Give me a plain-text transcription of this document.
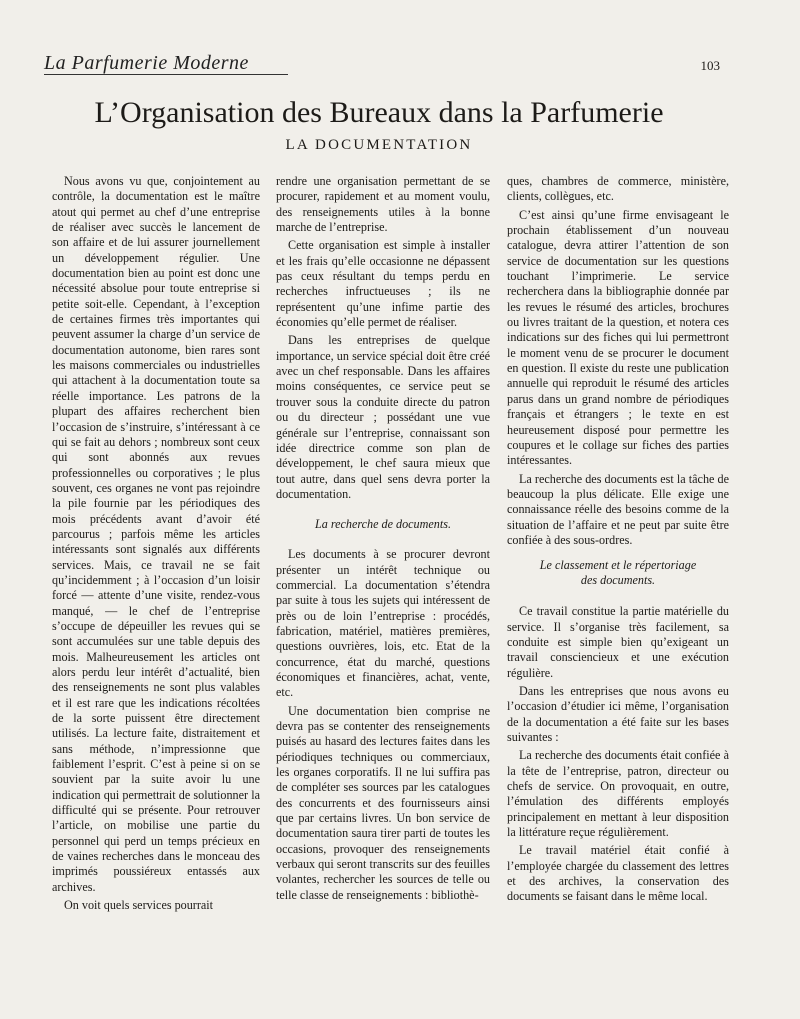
La Parfumerie Moderne	103
L’Organisation des Bureaux dans la Parfumerie
LA DOCUMENTATION

Nous avons vu que, conjointement au contrôle, la documentation est le maître atout qui permet au chef d’une entreprise de réaliser avec succès le lancement de son affaire et de lui assurer journellement un développement régulier. Une documentation bien au point est donc une nécessité absolue pour toute entreprise si petite soit-elle. Cependant, à l’exception de certaines firmes très importantes qui peuvent assumer la charge d’un service de documentation autonome, bien rares sont les maisons commerciales ou industrielles qui attachent à la documentation toute sa réelle importance. Les patrons de la plupart des affaires recherchent bien l’occasion de s’instruire, s’intéressant à ce qui se fait au dehors ; nombreux sont ceux qui sont abonnés aux revues professionnelles ou corporatives ; le plus souvent, ces organes ne vont pas rejoindre la pile fournie par les périodiques des mois précédents avant d’avoir été parcourus ; parfois même les articles intéressants sont signalés aux différents services. Mais, ce travail ne se fait qu’incidemment ; à l’occasion d’un loisir forcé — attente d’une visite, rendez-vous manqué, — le chef de l’entreprise s’occupe de dépeuiller les revues qui se sont accumulées sur une table depuis des mois. Malheureusement les articles ont alors perdu leur intérêt d’actualité, bien des renseignements ne sont plus valables et il est rare que les indications récoltées de la sorte puissent être directement utilisés. La lecture faite, distraitement et sans méthode, n’impressionne que faiblement l’esprit. C’est à peine si on se souvient par la suite avoir lu une indication qui permettrait de solutionner la difficulté qui se présente. Pour retrouver l’article, on mobilise une partie du personnel qui perd un temps précieux en de vaines recherches dans le monceau des imprimés poussiéreux entassés aux archives.

On voit quels services pourrait

rendre une organisation permettant de se procurer, rapidement et au moment voulu, des renseignements utiles à la bonne marche de l’entreprise.

Cette organisation est simple à installer et les frais qu’elle occasionne ne dépassent pas ceux résultant du temps perdu en recherches infructueuses ; ils ne représentent qu’une infime partie des économies qu’elle permet de réaliser.

Dans les entreprises de quelque importance, un service spécial doit être créé avec un chef responsable. Dans les affaires moins conséquentes, ce service peut se trouver sous la conduite directe du patron ou du directeur ; possédant une vue générale sur l’entreprise, connaissant son idée directrice comme son plan de développement, le chef saura mieux que tout autre, dans quel sens devra porter la documentation.

La recherche de documents.

Les documents à se procurer devront présenter un intérêt technique ou commercial. La documentation s’étendra par suite à tous les sujets qui intéressent de près ou de loin l’entreprise : procédés, fabrication, matériel, matières premières, questions ouvrières, lois, etc. Etat de la concurrence, état du marché, questions économiques et financières, achat, vente, etc.

Une documentation bien comprise ne devra pas se contenter des renseignements puisés au hasard des lectures faites dans les périodiques techniques ou commerciaux, les organes corporatifs. Il ne lui suffira pas de compléter ses sources par les catalogues des concurrents et des fournisseurs ainsi que par certains livres. Un bon service de documentation saura tirer parti de toutes les occasions, provoquer des renseignements verbaux qui seront transcrits sur des feuilles volantes, rechercher les sources de telle ou telle classe de renseignements : bibliothè-

ques, chambres de commerce, ministère, clients, collègues, etc.

C’est ainsi qu’une firme envisageant le prochain établissement d’un nouveau catalogue, devra attirer l’attention de son service de documentation sur les questions touchant l’imprimerie. Le service recherchera dans la bibliographie donnée par les revues le résumé des articles, brochures ou livres traitant de la question, et notera ces indications sur des fiches qui lui permettront le moment venu de se procurer le document en question. Il existe du reste une publication annuelle qui reproduit le résumé des articles parus dans un grand nombre de périodiques français et étrangers ; le texte en est heureusement disposé pour permettre les coupures et le collage sur fiches des parties intéressantes.

La recherche des documents est la tâche de beaucoup la plus délicate. Elle exige une connaissance réelle des besoins comme de la situation de l’affaire et ne peut par suite être confiée à des sous-ordres.

Le classement et le répertoriage
des documents.

Ce travail constitue la partie matérielle du service. Il s’organise très facilement, sa conduite est simple bien qu’exigeant un travail consciencieux et une exécution régulière.

Dans les entreprises que nous avons eu l’occasion d’étudier ici même, l’organisation de la documentation a été faite sur les bases suivantes :

La recherche des documents était confiée à la tête de l’entreprise, patron, directeur ou chefs de service. On provoquait, en outre, l’émulation des différents employés principalement en mettant à leur disposition la littérature reçue régulièrement.

Le travail matériel était confié à l’employée chargée du classement des lettres et des archives, la conservation des documents se faisant dans le même local.
